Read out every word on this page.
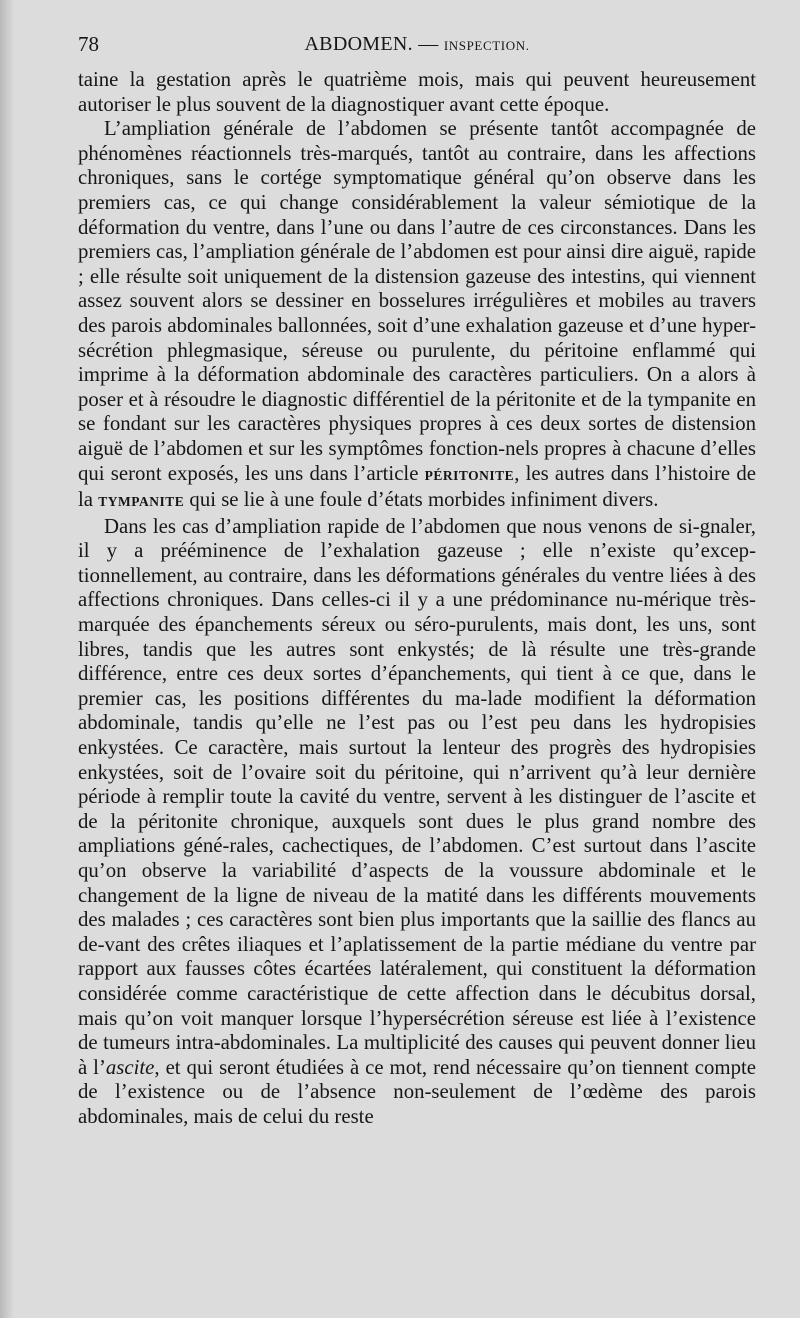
78	ABDOMEN. — INSPECTION.

taine la gestation après le quatrième mois, mais qui peuvent heureusement autoriser le plus souvent de la diagnostiquer avant cette époque.

L’ampliation générale de l’abdomen se présente tantôt accompagnée de phénomènes réactionnels très-marqués, tantôt au contraire, dans les affections chroniques, sans le cortége symptomatique général qu’on observe dans les premiers cas, ce qui change considérablement la valeur sémiotique de la déformation du ventre, dans l’une ou dans l’autre de ces circonstances. Dans les premiers cas, l’ampliation générale de l’abdomen est pour ainsi dire aiguë, rapide ; elle résulte soit uniquement de la distension gazeuse des intestins, qui viennent assez souvent alors se dessiner en bosselures irrégulières et mobiles au travers des parois abdominales ballonnées, soit d’une exhalation gazeuse et d’une hyper-sécrétion phlegmasique, séreuse ou purulente, du péritoine enflammé qui imprime à la déformation abdominale des caractères particuliers. On a alors à poser et à résoudre le diagnostic différentiel de la péritonite et de la tympanite en se fondant sur les caractères physiques propres à ces deux sortes de distension aiguë de l’abdomen et sur les symptômes fonction-nels propres à chacune d’elles qui seront exposés, les uns dans l’article PÉRITONITE, les autres dans l’histoire de la TYMPANITE qui se lie à une foule d’états morbides infiniment divers.

Dans les cas d’ampliation rapide de l’abdomen que nous venons de si-gnaler, il y a prééminence de l’exhalation gazeuse ; elle n’existe qu’excep-tionnellement, au contraire, dans les déformations générales du ventre liées à des affections chroniques. Dans celles-ci il y a une prédominance nu-mérique très-marquée des épanchements séreux ou séro-purulents, mais dont, les uns, sont libres, tandis que les autres sont enkystés; de là résulte une très-grande différence, entre ces deux sortes d’épanchements, qui tient à ce que, dans le premier cas, les positions différentes du ma-lade modifient la déformation abdominale, tandis qu’elle ne l’est pas ou l’est peu dans les hydropisies enkystées. Ce caractère, mais surtout la lenteur des progrès des hydropisies enkystées, soit de l’ovaire soit du péritoine, qui n’arrivent qu’à leur dernière période à remplir toute la cavité du ventre, servent à les distinguer de l’ascite et de la péritonite chronique, auxquels sont dues le plus grand nombre des ampliations géné-rales, cachectiques, de l’abdomen. C’est surtout dans l’ascite qu’on observe la variabilité d’aspects de la voussure abdominale et le changement de la ligne de niveau de la matité dans les différents mouvements des malades ; ces caractères sont bien plus importants que la saillie des flancs au de-vant des crêtes iliaques et l’aplatissement de la partie médiane du ventre par rapport aux fausses côtes écartées latéralement, qui constituent la déformation considérée comme caractéristique de cette affection dans le décubitus dorsal, mais qu’on voit manquer lorsque l’hypersécrétion séreuse est liée à l’existence de tumeurs intra-abdominales. La multiplicité des causes qui peuvent donner lieu à l’ascite, et qui seront étudiées à ce mot, rend nécessaire qu’on tiennent compte de l’existence ou de l’absence non-seulement de l’œdème des parois abdominales, mais de celui du reste
